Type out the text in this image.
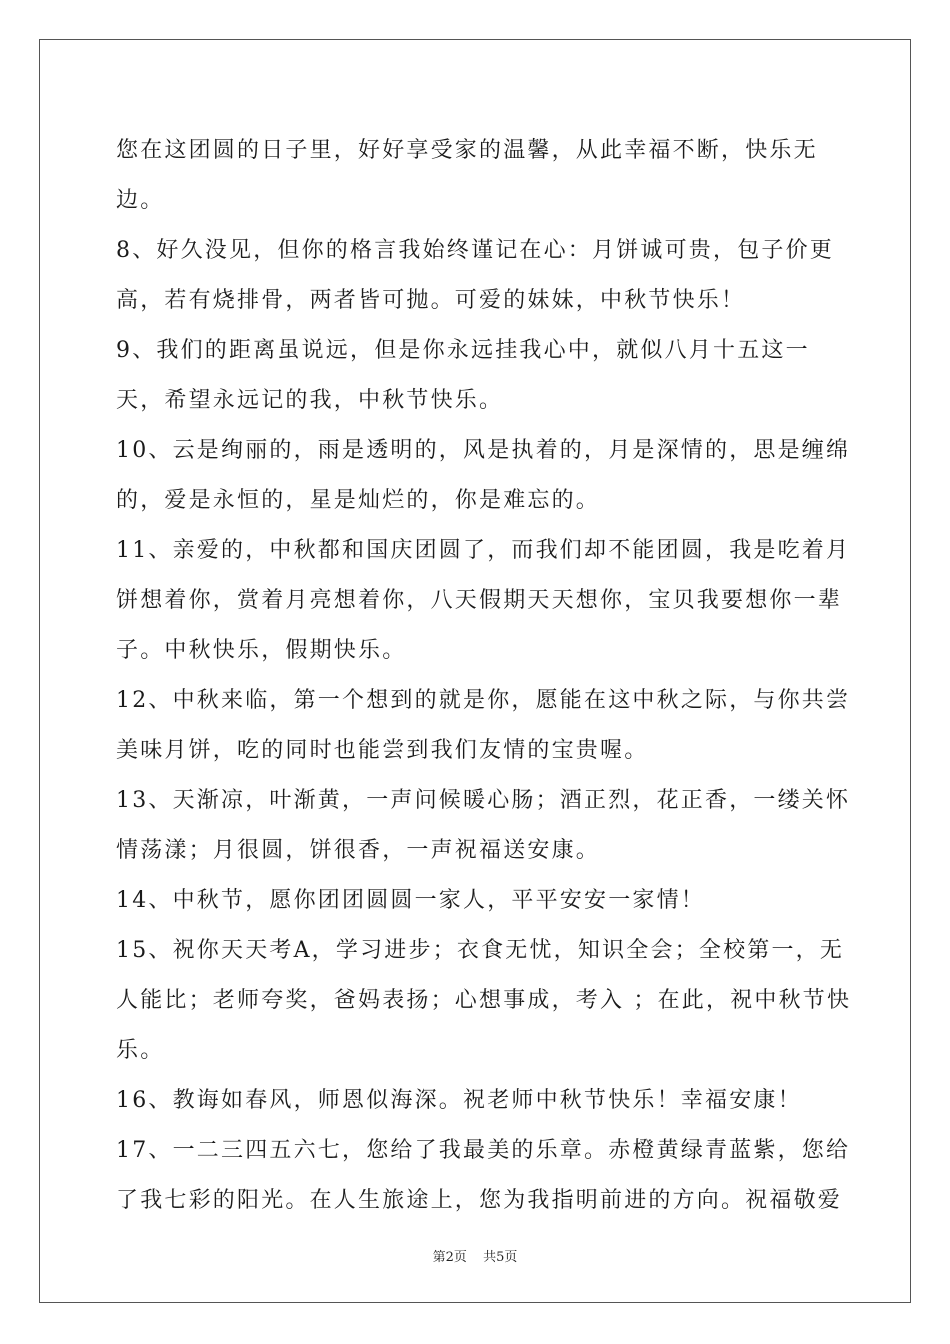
您在这团圆的日子里，好好享受家的温馨，从此幸福不断，快乐无边。

8、好久没见，但你的格言我始终谨记在心：月饼诚可贵，包子价更高，若有烧排骨，两者皆可抛。可爱的妹妹，中秋节快乐！

9、我们的距离虽说远，但是你永远挂我心中，就似八月十五这一天，希望永远记的我，中秋节快乐。

10、云是绚丽的，雨是透明的，风是执着的，月是深情的，思是缠绵的，爱是永恒的，星是灿烂的，你是难忘的。

11、亲爱的，中秋都和国庆团圆了，而我们却不能团圆，我是吃着月饼想着你，赏着月亮想着你，八天假期天天想你，宝贝我要想你一辈子。中秋快乐，假期快乐。

12、中秋来临，第一个想到的就是你，愿能在这中秋之际，与你共尝美味月饼，吃的同时也能尝到我们友情的宝贵喔。

13、天渐凉，叶渐黄，一声问候暖心肠；酒正烈，花正香，一缕关怀情荡漾；月很圆，饼很香，一声祝福送安康。

14、中秋节，愿你团团圆圆一家人，平平安安一家情！

15、祝你天天考A，学习进步；衣食无忧，知识全会；全校第一，无人能比；老师夸奖，爸妈表扬；心想事成，考入 ；在此，祝中秋节快乐。

16、教诲如春风，师恩似海深。祝老师中秋节快乐！幸福安康！

17、一二三四五六七，您给了我最美的乐章。赤橙黄绿青蓝紫，您给了我七彩的阳光。在人生旅途上，您为我指明前进的方向。祝福敬爱

第2页 共5页
